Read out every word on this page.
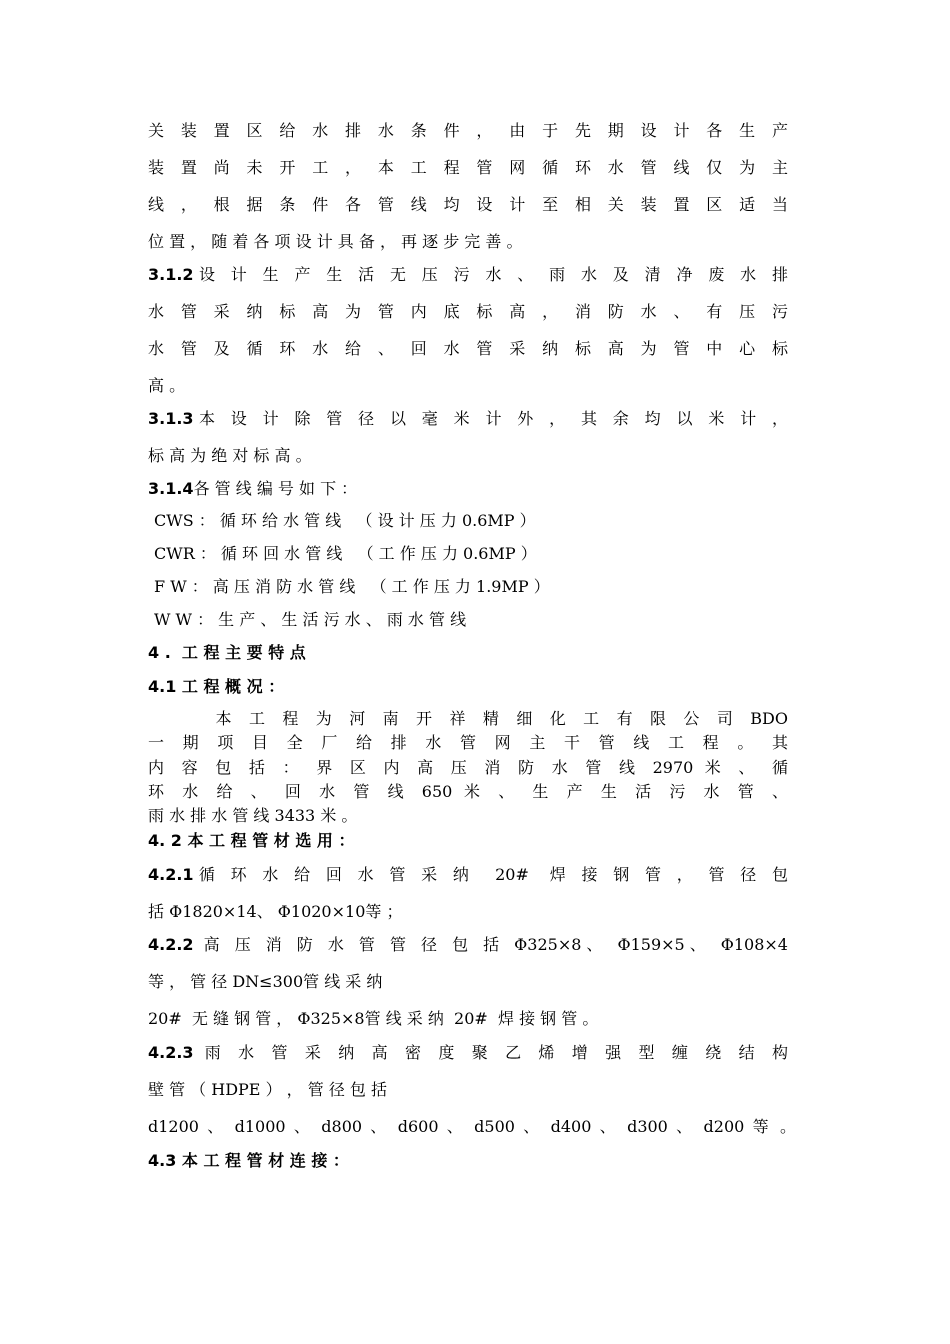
关 装 置 区 给 水 排 水 条 件 ， 由 于 先 期 设 计 各 生 产
装 置 尚 未 开 工 ， 本 工 程 管 网 循 环 水 管 线 仅 为 主
线 ， 根 据 条 件 各 管 线 均 设 计 至 相 关 装 置 区 适 当
位 置 ， 随 着 各 项 设 计 具 备 ， 再 逐 步 完 善 。
3.1.2设 计 生 产 生 活 无 压 污 水 、 雨 水 及 清 净 废 水 排
水 管 采 纳 标 高 为 管 内 底 标 高 ， 消 防 水 、 有 压 污
水 管 及 循 环 水 给 、 回 水 管 采 纳 标 高 为 管 中 心 标
高 。
3.1.3本 设 计 除 管 径 以 毫 米 计 外 ， 其 余 均 以 米 计 ，
标 高 为 绝 对 标 高 。
3.1.4各 管 线 编 号 如 下 ：
CWS ： 循 环 给 水 管 线   （ 设 计 压 力 0.6MP ）
CWR ： 循 环 回 水 管 线   （ 工 作 压 力 0.6MP ）
F W ： 高 压 消 防 水 管 线   （ 工 作 压 力 1.9MP ）
W W ： 生 产 、 生 活 污 水 、 雨 水 管 线
4 .  工 程 主 要 特 点
4.1 工 程 概 况 ：
本 工 程 为 河 南 开 祥 精 细 化 工 有 限 公 司 BDO
一 期 项 目 全 厂 给 排 水 管 网 主 干 管 线 工 程 。 其
内 容 包 括 ： 界 区 内 高 压 消 防 水 管 线 2970 米 、 循
环 水 给 、 回 水 管 线 650 米 、 生 产 生 活 污 水 管 、
雨 水 排 水 管 线 3433 米 。
4. 2 本 工 程 管 材 选 用 ：
4.2.1循 环 水 给 回 水 管 采 纳  20#  焊 接 钢 管 ， 管 径 包
括 Φ1820×14、 Φ1020×10等 ；
4.2.2 高 压 消 防 水 管 管 径 包 括 Φ325×8、 Φ159×5、 Φ108×4
等 ， 管 径 DN≤300管 线 采 纳
20#  无 缝 钢 管 ， Φ325×8管 线 采 纳  20#  焊 接 钢 管 。
4.2.3 雨 水 管 采 纳 高 密 度 聚 乙 烯 增 强 型 缠 绕 结 构
壁 管 （ HDPE ） ， 管 径 包 括
d1200 、 d1000 、 d800 、 d600 、 d500 、 d400 、 d300 、 d200 等 。
4.3 本 工 程 管 材 连 接 ：
